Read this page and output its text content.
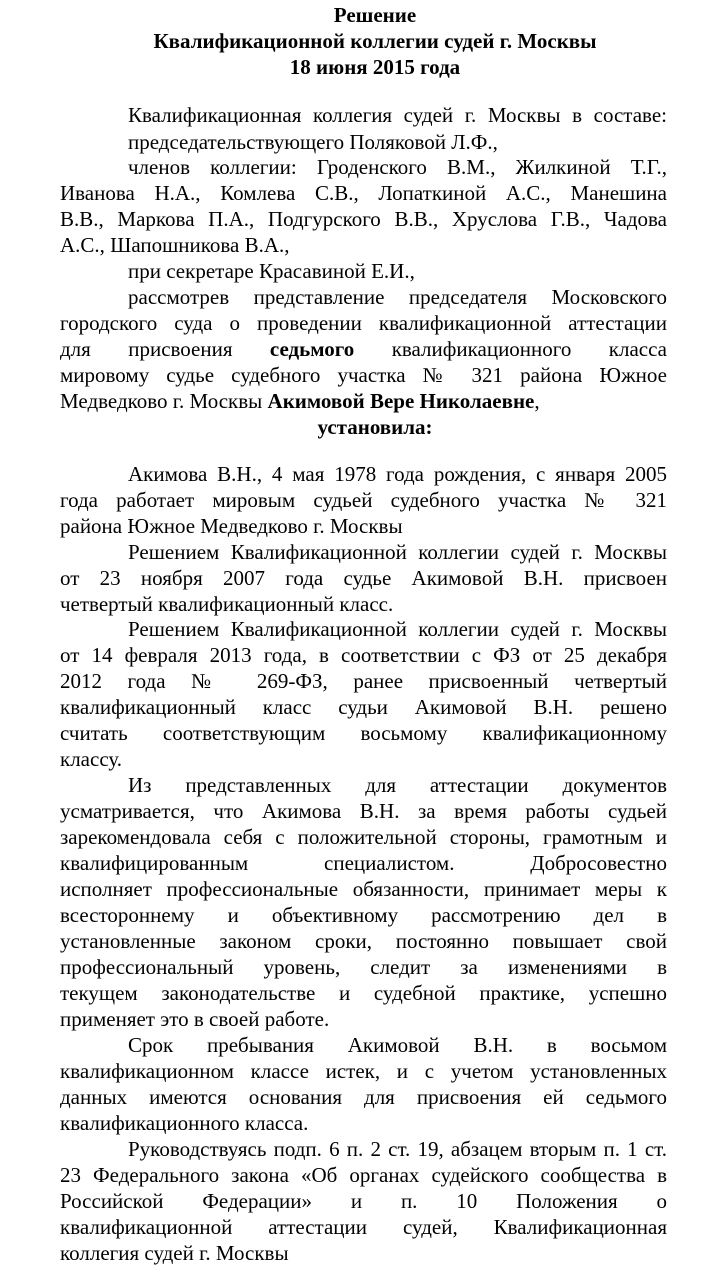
Решение
Квалификационной коллегии судей г. Москвы
18 июня 2015 года
Квалификационная коллегия судей г. Москвы в составе:
председательствующего Поляковой Л.Ф.,
членов коллегии: Гроденского В.М., Жилкиной Т.Г.,
Иванова Н.А., Комлева С.В., Лопаткиной А.С., Манешина
В.В., Маркова П.А., Подгурского В.В., Хруслова Г.В., Чадова
А.С., Шапошникова В.А.,
при секретаре Красавиной Е.И.,
рассмотрев представление председателя Московского
городского суда о проведении квалификационной аттестации
для присвоения седьмого квалификационного класса
мировому судье судебного участка № 321 района Южное
Медведково г. Москвы Акимовой Вере Николаевне,
установила:
Акимова В.Н., 4 мая 1978 года рождения, с января 2005
года работает мировым судьей судебного участка № 321
района Южное Медведково г. Москвы
Решением Квалификационной коллегии судей г. Москвы
от 23 ноября 2007 года судье Акимовой В.Н. присвоен
четвертый квалификационный класс.
Решением Квалификационной коллегии судей г. Москвы
от 14 февраля 2013 года, в соответствии с ФЗ от 25 декабря
2012 года № 269-ФЗ, ранее присвоенный четвертый
квалификационный класс судьи Акимовой В.Н. решено
считать соответствующим восьмому квалификационному
классу.
Из представленных для аттестации документов
усматривается, что Акимова В.Н. за время работы судьей
зарекомендовала себя с положительной стороны, грамотным и
квалифицированным специалистом. Добросовестно
исполняет профессиональные обязанности, принимает меры к
всестороннему и объективному рассмотрению дел в
установленные законом сроки, постоянно повышает свой
профессиональный уровень, следит за изменениями в
текущем законодательстве и судебной практике, успешно
применяет это в своей работе.
Срок пребывания Акимовой В.Н. в восьмом
квалификационном классе истек, и с учетом установленных
данных имеются основания для присвоения ей седьмого
квалификационного класса.
Руководствуясь подп. 6 п. 2 ст. 19, абзацем вторым п. 1 ст.
23 Федерального закона «Об органах судейского сообщества в
Российской Федерации» и п. 10 Положения о
квалификационной аттестации судей, Квалификационная
коллегия судей г. Москвы
